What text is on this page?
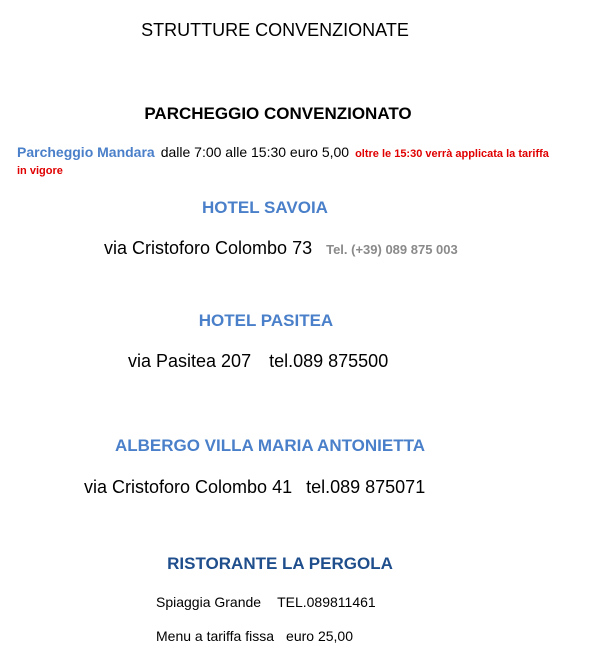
STRUTTURE CONVENZIONATE
PARCHEGGIO CONVENZIONATO
Parcheggio Mandara dalle 7:00 alle 15:30 euro 5,00 oltre le 15:30 verrà applicata la tariffa
in vigore
HOTEL SAVOIA
via Cristoforo Colombo 73 Tel. (+39) 089 875 003
HOTEL PASITEA
via Pasitea 207 tel.089 875500
ALBERGO VILLA MARIA ANTONIETTA
via Cristoforo Colombo 41 tel.089 875071
RISTORANTE LA PERGOLA
Spiaggia Grande TEL.089811461
Menu a tariffa fissa euro 25,00
